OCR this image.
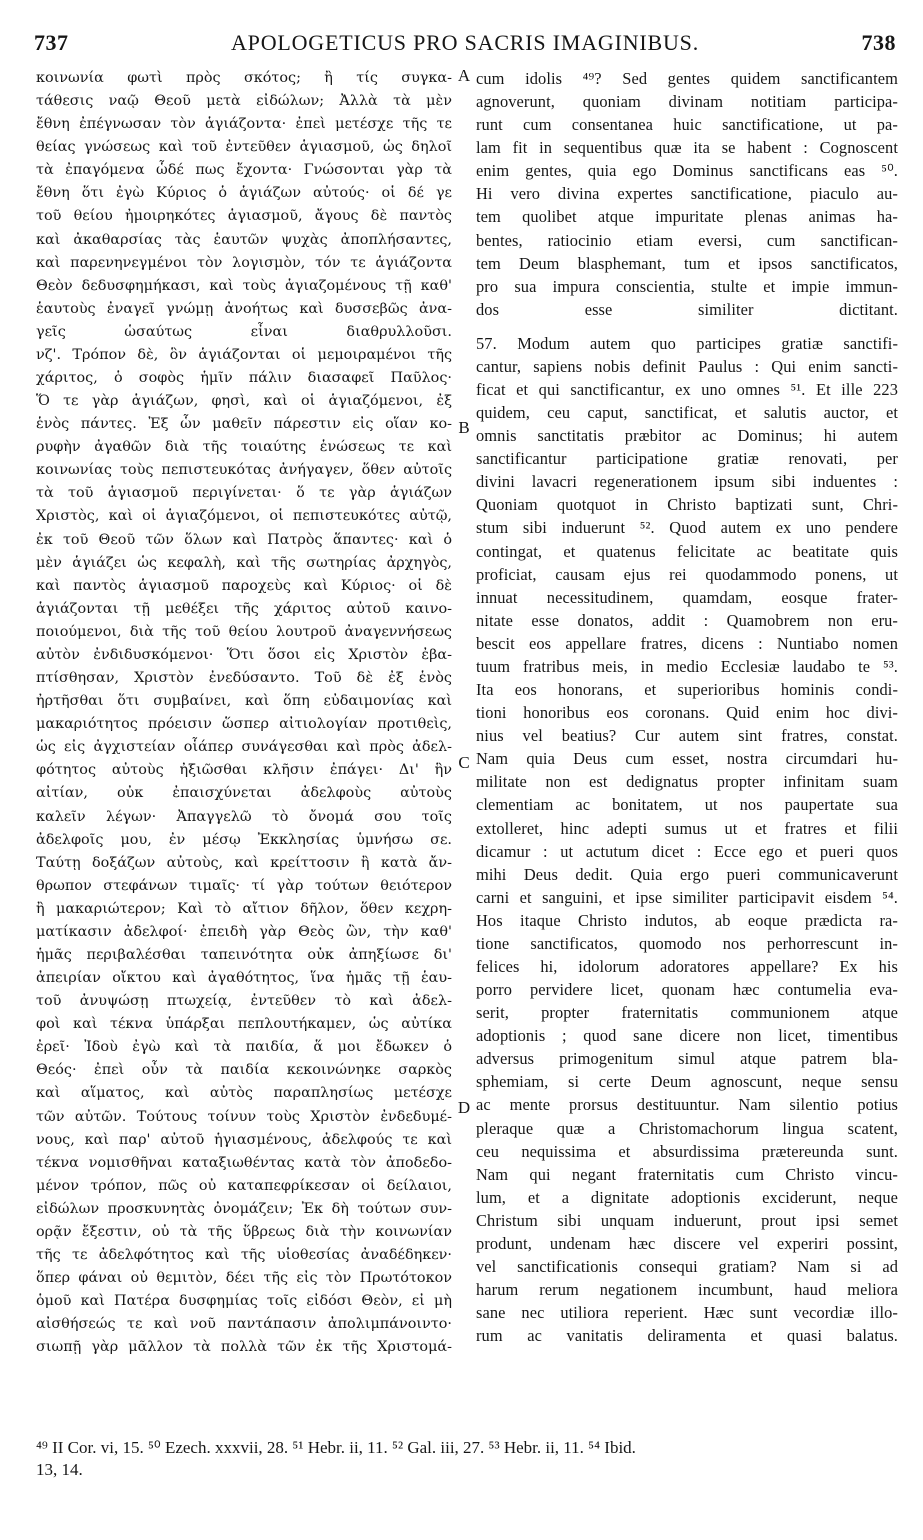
737	APOLOGETICUS PRO SACRIS IMAGINIBUS.	738
κοινωνία φωτὶ πρὸς σκότος; ἢ τίς συγκα-
τάθεσις ναῷ Θεοῦ μετὰ εἰδώλων; Ἀλλὰ τὰ μὲν
ἔθνη ἐπέγνωσαν τὸν ἁγιάζοντα· ἐπεὶ μετέσχε τῆς τε
θείας γνώσεως καὶ τοῦ ἐντεῦθεν ἁγιασμοῦ, ὡς δηλοῖ
τὰ ἐπαγόμενα ὧδέ πως ἔχοντα· Γνώσονται γὰρ τὰ
ἔθνη ὅτι ἐγὼ Κύριος ὁ ἁγιάζων αὐτούς· οἱ δέ γε
τοῦ θείου ἠμοιρηκότες ἁγιασμοῦ, ἄγους δὲ παντὸς
καὶ ἀκαθαρσίας τὰς ἑαυτῶν ψυχὰς ἀποπλήσαντες,
καὶ παρενηνεγμένοι τὸν λογισμὸν, τόν τε ἁγιάζοντα
Θεὸν δεδυσφημήκασι, καὶ τοὺς ἁγιαζομένους τῇ καθ'
ἑαυτοὺς ἐναγεῖ γνώμῃ ἀνοήτως καὶ δυσσεβῶς ἀνα-
γεῖς ὡσαύτως εἶναι διαθρυλλοῦσι.
νζ'. Τρόπον δὲ, ὃν ἁγιάζονται οἱ μεμοιραμένοι τῆς
χάριτος, ὁ σοφὸς ἡμῖν πάλιν διασαφεῖ Παῦλος·
Ὅ τε γὰρ ἁγιάζων, φησὶ, καὶ οἱ ἁγιαζόμενοι, ἐξ
ἑνὸς πάντες. Ἐξ ὧν μαθεῖν πάρεστιν εἰς οἵαν κο-
ρυφὴν ἀγαθῶν διὰ τῆς τοιαύτης ἑνώσεως τε καὶ
κοινωνίας τοὺς πεπιστευκότας ἀνήγαγεν, ὅθεν αὐτοῖς
τὰ τοῦ ἁγιασμοῦ περιγίνεται· ὅ τε γὰρ ἁγιάζων
Χριστὸς, καὶ οἱ ἁγιαζόμενοι, οἱ πεπιστευκότες αὐτῷ,
ἐκ τοῦ Θεοῦ τῶν ὅλων καὶ Πατρὸς ἅπαντες· καὶ ὁ
μὲν ἁγιάζει ὡς κεφαλὴ, καὶ τῆς σωτηρίας ἀρχηγὸς,
καὶ παντὸς ἁγιασμοῦ παροχεὺς καὶ Κύριος· οἱ δὲ
ἁγιάζονται τῇ μεθέξει τῆς χάριτος αὐτοῦ καινο-
ποιούμενοι, διὰ τῆς τοῦ θείου λουτροῦ ἀναγεννήσεως
αὐτὸν ἐνδιδυσκόμενοι· Ὅτι ὅσοι εἰς Χριστὸν ἐβα-
πτίσθησαν, Χριστὸν ἐνεδύσαντο. Τοῦ δὲ ἐξ ἑνὸς
ἠρτῆσθαι ὅτι συμβαίνει, καὶ ὅπη εὐδαιμονίας καὶ
μακαριότητος πρόεισιν ὥσπερ αἰτιολογίαν προτιθεὶς,
ὡς εἰς ἀγχιστείαν οἷάπερ συνάγεσθαι καὶ πρὸς ἀδελ-
φότητος αὐτοὺς ἠξιῶσθαι κλῆσιν ἐπάγει· Δι' ἣν
αἰτίαν, οὐκ ἐπαισχύνεται ἀδελφοὺς αὐτοὺς
καλεῖν λέγων· Ἀπαγγελῶ τὸ ὄνομά σου τοῖς
ἀδελφοῖς μου, ἐν μέσῳ Ἐκκλησίας ὑμνήσω σε.
Ταύτῃ δοξάζων αὐτοὺς, καὶ κρείττοσιν ἢ κατὰ ἄν-
θρωπον στεφάνων τιμαῖς· τί γὰρ τούτων θειότερον
ἢ μακαριώτερον; Καὶ τὸ αἴτιον δῆλον, ὅθεν κεχρη-
ματίκασιν ἀδελφοί· ἐπειδὴ γὰρ Θεὸς ὢν, τὴν καθ'
ἡμᾶς περιβαλέσθαι ταπεινότητα οὐκ ἀπηξίωσε δι'
ἀπειρίαν οἴκτου καὶ ἀγαθότητος, ἵνα ἡμᾶς τῇ ἑαυ-
τοῦ ἀνυψώσῃ πτωχείᾳ, ἐντεῦθεν τὸ καὶ ἀδελ-
φοὶ καὶ τέκνα ὑπάρξαι πεπλουτήκαμεν, ὡς αὐτίκα
ἐρεῖ· Ἰδοὺ ἐγὼ καὶ τὰ παιδία, ἅ μοι ἔδωκεν ὁ
Θεός· ἐπεὶ οὖν τὰ παιδία κεκοινώνηκε σαρκὸς
καὶ αἵματος, καὶ αὐτὸς παραπλησίως μετέσχε
τῶν αὐτῶν. Τούτους τοίνυν τοὺς Χριστὸν ἐνδεδυμέ-
νους, καὶ παρ' αὐτοῦ ἡγιασμένους, ἀδελφούς τε καὶ
τέκνα νομισθῆναι καταξιωθέντας κατὰ τὸν ἀποδεδο-
μένον τρόπον, πῶς οὐ καταπεφρίκεσαν οἱ δείλαιοι,
εἰδώλων προσκυνητὰς ὀνομάζειν; Ἐκ δὴ τούτων συν-
ορᾷν ἔξεστιν, οὐ τὰ τῆς ὕβρεως διὰ τὴν κοινωνίαν
τῆς τε ἀδελφότητος καὶ τῆς υἱοθεσίας ἀναδέδηκεν·
ὅπερ φάναι οὐ θεμιτὸν, δέει τῆς εἰς τὸν Πρωτότοκον
ὁμοῦ καὶ Πατέρα δυσφημίας τοῖς εἰδόσι Θεὸν, εἰ μὴ
αἰσθήσεώς τε καὶ νοῦ παντάπασιν ἀπολιμπάνοιντο·
σιωπῇ γὰρ μᾶλλον τὰ πολλὰ τῶν ἐκ τῆς Χριστομά-
cum idolis ⁴⁹? Sed gentes quidem sanctificantem
agnoverunt, quoniam divinam notitiam participa-
runt cum consentanea huic sanctificatione, ut pa-
lam fit in sequentibus quæ ita se habent : Cognoscent
enim gentes, quia ego Dominus sanctificans eas ⁵⁰.
Hi vero divina expertes sanctificatione, piaculo au-
tem quolibet atque impuritate plenas animas ha-
bentes, ratiocinio etiam eversi, cum sanctifican-
tem Deum blasphemant, tum et ipsos sanctificatos,
pro sua impura conscientia, stulte et impie immun-
dos esse similiter dictitant.
57. Modum autem quo participes gratiæ sanctifi-
cantur, sapiens nobis definit Paulus : Qui enim sancti-
ficat et qui sanctificantur, ex uno omnes ⁵¹. Et ille 223
quidem, ceu caput, sanctificat, et salutis auctor, et
omnis sanctitatis præbitor ac Dominus; hi autem
sanctificantur participatione gratiæ renovati, per
divini lavacri regenerationem ipsum sibi induentes :
Quoniam quotquot in Christo baptizati sunt, Chri-
stum sibi induerunt ⁵². Quod autem ex uno pendere
contingat, et quatenus felicitate ac beatitate quis
proficiat, causam ejus rei quodammodo ponens, ut
innuat necessitudinem, quamdam, eosque frater-
nitate esse donatos, addit : Quamobrem non eru-
bescit eos appellare fratres, dicens : Nuntiabo nomen
tuum fratribus meis, in medio Ecclesiæ laudabo te ⁵³.
Ita eos honorans, et superioribus hominis condi-
tioni honoribus eos coronans. Quid enim hoc divi-
nius vel beatius? Cur autem sint fratres, constat.
Nam quia Deus cum esset, nostra circumdari hu-
militate non est dedignatus propter infinitam suam
clementiam ac bonitatem, ut nos paupertate sua
extolleret, hinc adepti sumus ut et fratres et filii
dicamur : ut actutum dicet : Ecce ego et pueri quos
mihi Deus dedit. Quia ergo pueri communicaverunt
carni et sanguini, et ipse similiter participavit eisdem ⁵⁴.
Hos itaque Christo indutos, ab eoque prædicta ra-
tione sanctificatos, quomodo nos perhorrescunt in-
felices hi, idolorum adoratores appellare? Ex his
porro pervidere licet, quonam hæc contumelia eva-
serit, propter fraternitatis communionem atque
adoptionis ; quod sane dicere non licet, timentibus
adversus primogenitum simul atque patrem bla-
sphemiam, si certe Deum agnoscunt, neque sensu
ac mente prorsus destituuntur. Nam silentio potius
pleraque quæ a Christomachorum lingua scatent,
ceu nequissima et absurdissima prætereunda sunt.
Nam qui negant fraternitatis cum Christo vincu-
lum, et a dignitate adoptionis exciderunt, neque
Christum sibi unquam induerunt, prout ipsi semet
produnt, undenam hæc discere vel experiri possint,
vel sanctificationis consequi gratiam? Nam si ad
harum rerum negationem incumbunt, haud meliora
sane nec utiliora reperient. Hæc sunt vecordiæ illo-
rum ac vanitatis deliramenta et quasi balatus.
A
B
C
D
⁴⁹ II Cor. vi, 15. ⁵⁰ Ezech. xxxvii, 28. ⁵¹ Hebr. ii, 11. ⁵² Gal. iii, 27. ⁵³ Hebr. ii, 11. ⁵⁴ Ibid.
13, 14.
